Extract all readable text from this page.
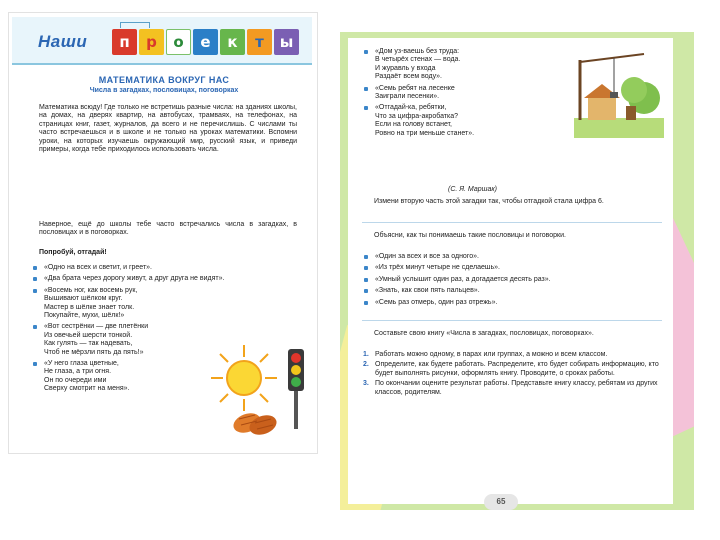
Наши	п	р	о	е	к	т	ы
МАТЕМАТИКА ВОКРУГ НАС
Числа в загадках, пословицах, поговорках

Математика всюду! Где только не встретишь разные числа: на зданиях школы, на домах, на дверях квартир, на автобусах, трамваях, на телефонах, на страницах книг, газет, журналов, да всего и не перечислишь. С числами ты часто встречаешься и в школе и не только на уроках математики. Вспомни уроки, на которых изучаешь окружающий мир, русский язык, и приведи примеры, когда тебе приходилось использовать числа.

Наверное, ещё до школы тебе часто встречались числа в загадках, в пословицах и в поговорках.

Попробуй, отгадай!

«Одно на всех и светит, и греет».
«Два брата через дорогу живут, а друг друга не видят».
«Восемь ног, как восемь рук,
Вышивают шёлком круг.
Мастер в шёлке знает толк.
Покупайте, мухи, шёлк!»
«Вот сестрёнки — две плетёнки
Из овечьей шерсти тонкой.
Как гулять — так надевать,
Чтоб не мёрзли пять да пять!»
«У него глаза цветные,
Не глаза, а три огня.
Он по очереди ими
Сверху смотрит на меня».
«Дом уз-ваешь без труда:
В четырёх стенах — вода.
И журавль у входа
Раздаёт всем воду».
«Семь ребят на лесенке
Заиграли песенки».
«Отгадай-ка, ребятки,
Что за цифра-акробатка?
Если на голову встанет,
Ровно на три меньше станет».
(С. Я. Маршак)

Измени вторую часть этой загадки так, чтобы отгадкой стала цифра 6.

Объясни, как ты понимаешь такие пословицы и поговорки.

«Один за всех и все за одного».
«Из трёх минут четыре не сделаешь».
«Умный услышит один раз, а догадается десять раз».
«Знать, как свои пять пальцев».
«Семь раз отмерь, один раз отрежь».

Составьте свою книгу «Числа в загадках, пословицах, поговорках».

1. Работать можно одному, в парах или группах, а можно и всем классом.
2. Определите, как будете работать. Распределите, кто будет собирать информацию, кто будет выполнять рисунки, оформлять книгу. Проводите, о сроках работы.
3. По окончании оцените результат работы. Представьте книгу классу, ребятам из других классов, родителям.
65
